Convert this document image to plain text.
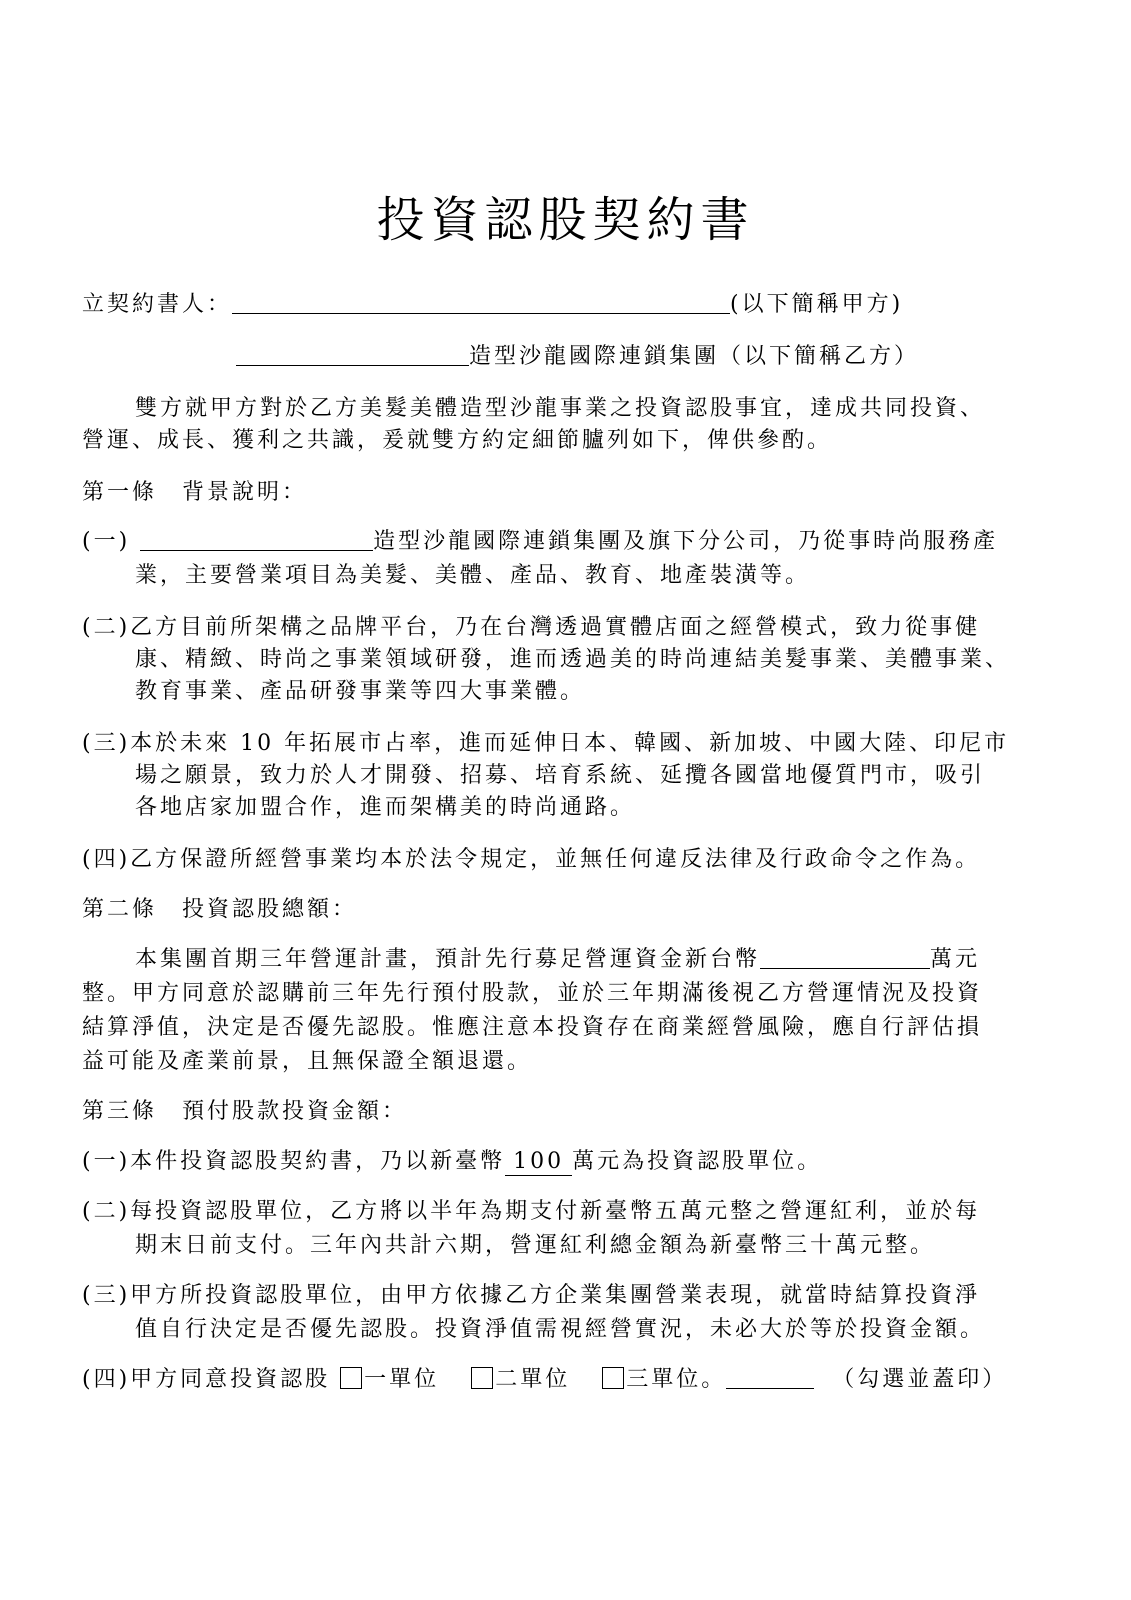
投資認股契約書
立契約書人：	(以下簡稱甲方)
造型沙龍國際連鎖集團（以下簡稱乙方）
雙方就甲方對於乙方美髮美體造型沙龍事業之投資認股事宜，達成共同投資、
營運、成長、獲利之共識，爰就雙方約定細節臚列如下，俾供參酌。
第一條　背景說明：
(一)	造型沙龍國際連鎖集團及旗下分公司，乃從事時尚服務產
業，主要營業項目為美髮、美體、產品、教育、地產裝潢等。
(二)乙方目前所架構之品牌平台，乃在台灣透過實體店面之經營模式，致力從事健
康、精緻、時尚之事業領域研發，進而透過美的時尚連結美髮事業、美體事業、
教育事業、產品研發事業等四大事業體。
(三)本於未來 10 年拓展市占率，進而延伸日本、韓國、新加坡、中國大陸、印尼市
場之願景，致力於人才開發、招募、培育系統、延攬各國當地優質門市，吸引
各地店家加盟合作，進而架構美的時尚通路。
(四)乙方保證所經營事業均本於法令規定，並無任何違反法律及行政命令之作為。
第二條　投資認股總額：
本集團首期三年營運計畫，預計先行募足營運資金新台幣	萬元
整。甲方同意於認購前三年先行預付股款，並於三年期滿後視乙方營運情況及投資
結算淨值，決定是否優先認股。惟應注意本投資存在商業經營風險，應自行評估損
益可能及產業前景，且無保證全額退還。
第三條　預付股款投資金額：
(一)本件投資認股契約書，乃以新臺幣 100 萬元為投資認股單位。
(二)每投資認股單位，乙方將以半年為期支付新臺幣五萬元整之營運紅利，並於每
期末日前支付。三年內共計六期，營運紅利總金額為新臺幣三十萬元整。
(三)甲方所投資認股單位，由甲方依據乙方企業集團營業表現，就當時結算投資淨
值自行決定是否優先認股。投資淨值需視經營實況，未必大於等於投資金額。
(四)甲方同意投資認股 一單位	二單位	三單位。	（勾選並蓋印）
